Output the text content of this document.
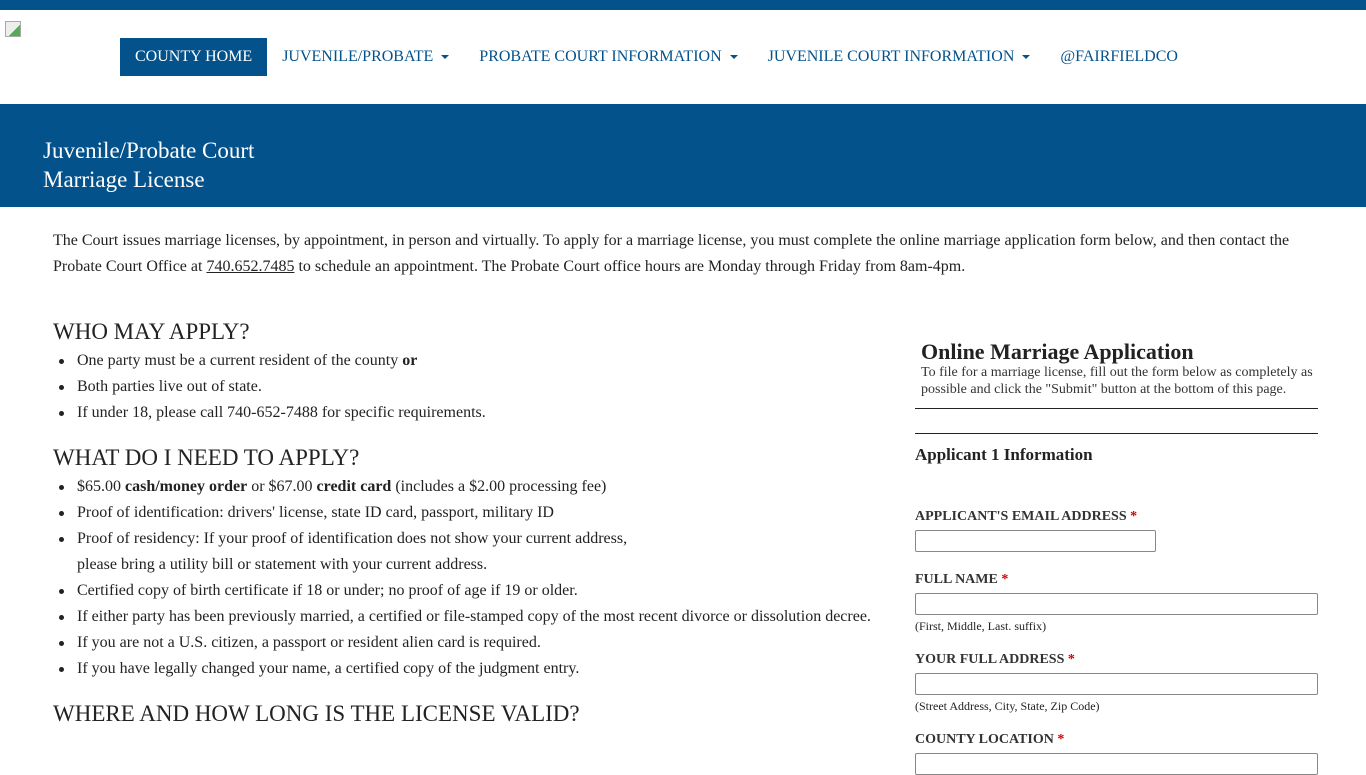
COUNTY HOME JUVENILE/PROBATE	PROBATE COURT INFORMATION	JUVENILE COURT INFORMATION	@FAIRFIELDCO
Juvenile/Probate Court
Marriage License

The Court issues marriage licenses, by appointment, in person and virtually. To apply for a marriage license, you must complete the online marriage application form below, and then contact the Probate Court Office at 740.652.7485 to schedule an appointment. The Probate Court office hours are Monday through Friday from 8am-4pm.

WHO MAY APPLY?
One party must be a current resident of the county or
Both parties live out of state.
If under 18, please call 740-652-7488 for specific requirements.
WHAT DO I NEED TO APPLY?
$65.00 cash/money order or $67.00 credit card (includes a $2.00 processing fee)
Proof of identification: drivers' license, state ID card, passport, military ID
Proof of residency: If your proof of identification does not show your current address,
please bring a utility bill or statement with your current address.
Certified copy of birth certificate if 18 or under; no proof of age if 19 or older.
If either party has been previously married, a certified or file-stamped copy of the most recent divorce or dissolution decree.
If you are not a U.S. citizen, a passport or resident alien card is required.
If you have legally changed your name, a certified copy of the judgment entry.
WHERE AND HOW LONG IS THE LICENSE VALID?
Online Marriage Application

To file for a marriage license, fill out the form below as completely as possible and click the "Submit" button at the bottom of this page.

Applicant 1 Information
APPLICANT'S EMAIL ADDRESS *
FULL NAME *
(First, Middle, Last. suffix)
YOUR FULL ADDRESS *
(Street Address, City, State, Zip Code)
COUNTY LOCATION *
